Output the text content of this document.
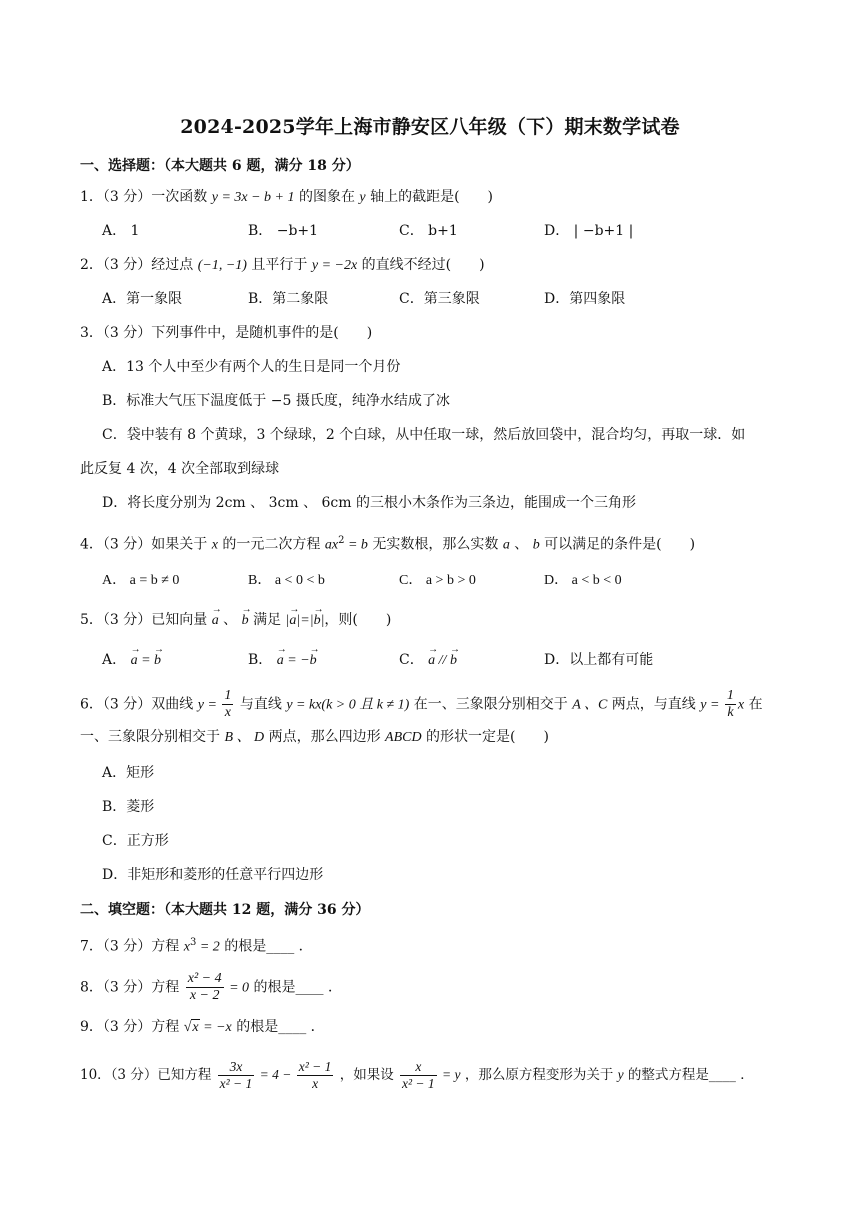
2024-2025学年上海市静安区八年级（下）期末数学试卷
一、选择题：（本大题共 6 题，满分 18 分）
1．（3 分）一次函数 y = 3x − b + 1 的图象在 y 轴上的截距是(　　)
A． 1	B． −b+1	C． b+1	D． | −b+1 |
2．（3 分）经过点 (−1, −1) 且平行于 y = −2x 的直线不经过(　　)
A．第一象限	B．第二象限	C．第三象限	D．第四象限
3．（3 分）下列事件中，是随机事件的是(　　)
A．13 个人中至少有两个人的生日是同一个月份
B．标准大气压下温度低于 −5 摄氏度，纯净水结成了冰
C．袋中装有 8 个黄球，3 个绿球，2 个白球，从中任取一球，然后放回袋中，混合均匀，再取一球．如
此反复 4 次，4 次全部取到绿球
D．将长度分别为 2cm 、 3cm 、 6cm 的三根小木条作为三条边，能围成一个三角形
4．（3 分）如果关于 x 的一元二次方程 $ax^2 = b$ 无实数根，那么实数 a 、 b 可以满足的条件是(　　)
A． a = b ≠ 0	B． a < 0 < b	C． a > b > 0	D． a < b < 0
5．（3 分）已知向量 → a 、 → b 满足 |→ a|=|→ b|，则(　　)
A． → a = → b	B． → a = −→ b	C． → a // → b	D．以上都有可能
6．（3 分）双曲线 $y = \frac{1}{x}$ 与直线 y = kx(k > 0 且 k ≠ 1) 在一、三象限分别相交于 A 、C 两点，与直线 $y = \frac{1}{k}$ x 在
一、三象限分别相交于 B 、 D 两点，那么四边形 ABCD 的形状一定是(　　)
A．矩形
B．菱形
C．正方形
D．非矩形和菱形的任意平行四边形
二、填空题：（本大题共 12 题，满分 36 分）
7．（3 分）方程 $x^3 = 2$ 的根是____ ．
8．（3 分）方程 $\frac{\text{x² − 4}}{x - 2} = 0$ 的根是____ ．
9．（3 分）方程 √x = −x 的根是____ ．
10．（3 分）已知方程 $\frac{3x}{\text{x² − 1}} = 4 - \frac{\text{x² − 1}}{x}$ ，如果设 $\frac{x}{\text{x² − 1}} = y$ ，那么原方程变形为关于 y 的整式方程是____ ．
